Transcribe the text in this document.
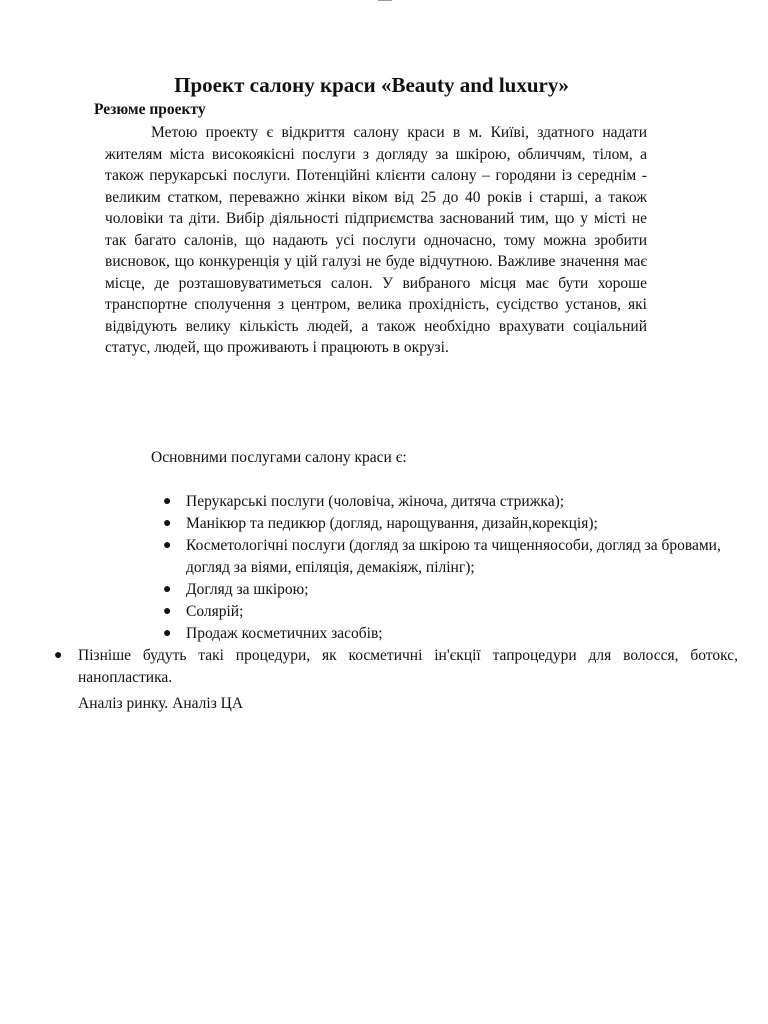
Проект салону краси «Beauty and luxury»
Резюме проекту

Метою проекту є відкриття салону краси в м. Київі, здатного надати жителям міста високоякісні послуги з догляду за шкірою, обличчям, тілом, а також перукарські послуги. Потенційні клієнти салону – городяни із середнім - великим статком, переважно жінки віком від 25 до 40 років і старші, а також чоловіки та діти. Вибір діяльності підприємства заснований тим, що у місті не так багато салонів, що надають усі послуги одночасно, тому можна зробити висновок, що конкуренція у цій галузі не буде відчутною. Важливе значення має місце, де розташовуватиметься салон. У вибраного місця має бути хороше транспортне сполучення з центром, велика прохідність, сусідство установ, які відвідують велику кількість людей, а також необхідно врахувати соціальний статус, людей, що проживають і працюють в окрузі.

Основними послугами салону краси є:

● Перукарські послуги (чоловіча, жіноча, дитяча стрижка);
● Манікюр та педикюр (догляд, нарощування, дизайн,корекція);
● Косметологічні послуги (догляд за шкірою та чищенняособи, догляд за бровами, догляд за віями, епіляція, демакіяж, пілінг);
● Догляд за шкірою;
● Солярій;
● Продаж косметичних засобів;
● Пізніше будуть такі процедури, як косметичні ін'єкції тапроцедури для волосся, ботокс, нанопластика.

Аналіз ринку. Аналіз ЦА
